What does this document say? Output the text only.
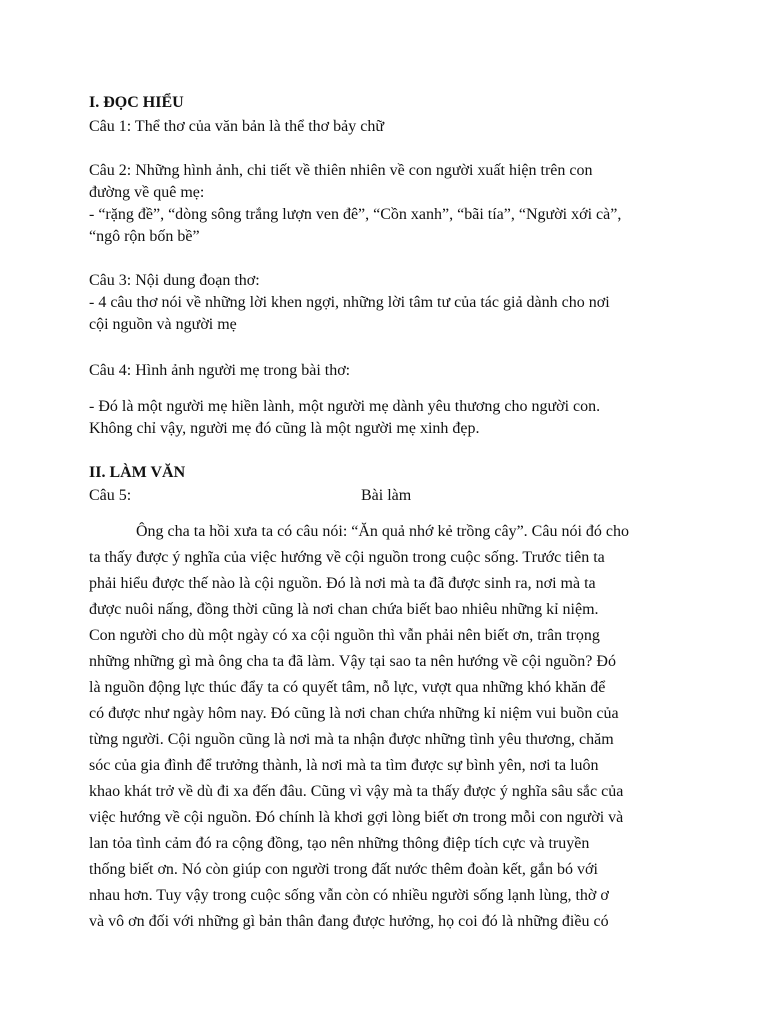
I. ĐỌC HIỂU
Câu 1: Thể thơ của văn bản là thể thơ bảy chữ
Câu 2: Những hình ảnh, chi tiết về thiên nhiên về con người xuất hiện trên con
đường về quê mẹ:
- “rặng đề”, “dòng sông trắng lượn ven đê”, “Cồn xanh”, “bãi tía”, “Người xới cà”,
“ngô rộn bốn bề”
Câu 3: Nội dung đoạn thơ:
- 4 câu thơ nói về những lời khen ngợi, những lời tâm tư của tác giả dành cho nơi
cội nguồn và người mẹ
Câu 4: Hình ảnh người mẹ trong bài thơ:
- Đó là một người mẹ hiền lành, một người mẹ dành yêu thương cho người con.
Không chỉ vậy, người mẹ đó cũng là một người mẹ xinh đẹp.
II. LÀM VĂN
Câu 5:	Bài làm
Ông cha ta hồi xưa ta có câu nói: “Ăn quả nhớ kẻ trồng cây”. Câu nói đó cho
ta thấy được ý nghĩa của việc hướng về cội nguồn trong cuộc sống. Trước tiên ta
phải hiểu được thế nào là cội nguồn. Đó là nơi mà ta đã được sinh ra, nơi mà ta
được nuôi nấng, đồng thời cũng là nơi chan chứa biết bao nhiêu những kỉ niệm.
Con người cho dù một ngày có xa cội nguồn thì vẫn phải nên biết ơn, trân trọng
những những gì mà ông cha ta đã làm. Vậy tại sao ta nên hướng về cội nguồn? Đó
là nguồn động lực thúc đẩy ta có quyết tâm, nỗ lực, vượt qua những khó khăn để
có được như ngày hôm nay. Đó cũng là nơi chan chứa những kỉ niệm vui buồn của
từng người. Cội nguồn cũng là nơi mà ta nhận được những tình yêu thương, chăm
sóc của gia đình để trưởng thành, là nơi mà ta tìm được sự bình yên, nơi ta luôn
khao khát trở về dù đi xa đến đâu. Cũng vì vậy mà ta thấy được ý nghĩa sâu sắc của
việc hướng về cội nguồn. Đó chính là khơi gợi lòng biết ơn trong mỗi con người và
lan tỏa tình cảm đó ra cộng đồng, tạo nên những thông điệp tích cực và truyền
thống biết ơn. Nó còn giúp con người trong đất nước thêm đoàn kết, gắn bó với
nhau hơn. Tuy vậy trong cuộc sống vẫn còn có nhiều người sống lạnh lùng, thờ ơ
và vô ơn đối với những gì bản thân đang được hưởng, họ coi đó là những điều có
